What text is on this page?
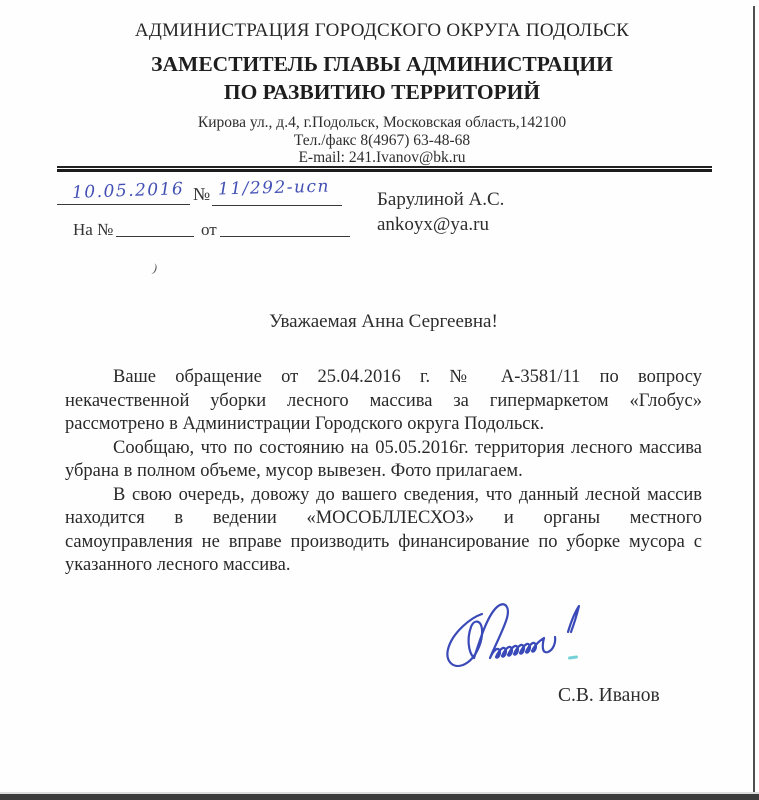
АДМИНИСТРАЦИЯ ГОРОДСКОГО ОКРУГА ПОДОЛЬСК
ЗАМЕСТИТЕЛЬ ГЛАВЫ АДМИНИСТРАЦИИ
ПО РАЗВИТИЮ ТЕРРИТОРИЙ
Кирова ул., д.4, г.Подольск, Московская область,142100
Тел./факс 8(4967) 63-48-68
E-mail: 241.Ivanov@bk.ru
10.05.2016 № 11/292-исп
На №	от
)
Барулиной А.С.
ankoyx@ya.ru
Уважаемая Анна Сергеевна!

Ваше обращение от 25.04.2016 г. № А-3581/11 по вопросу
некачественной уборки лесного массива за гипермаркетом «Глобус»
рассмотрено в Администрации Городского округа Подольск.

Сообщаю, что по состоянию на 05.05.2016г. территория лесного массива
убрана в полном объеме, мусор вывезен. Фото прилагаем.

В свою очередь, довожу до вашего сведения, что данный лесной массив
находится в ведении «МОСОБЛЛЕСХОЗ» и органы местного
самоуправления не вправе производить финансирование по уборке мусора с
указанного лесного массива.

С.В. Иванов
